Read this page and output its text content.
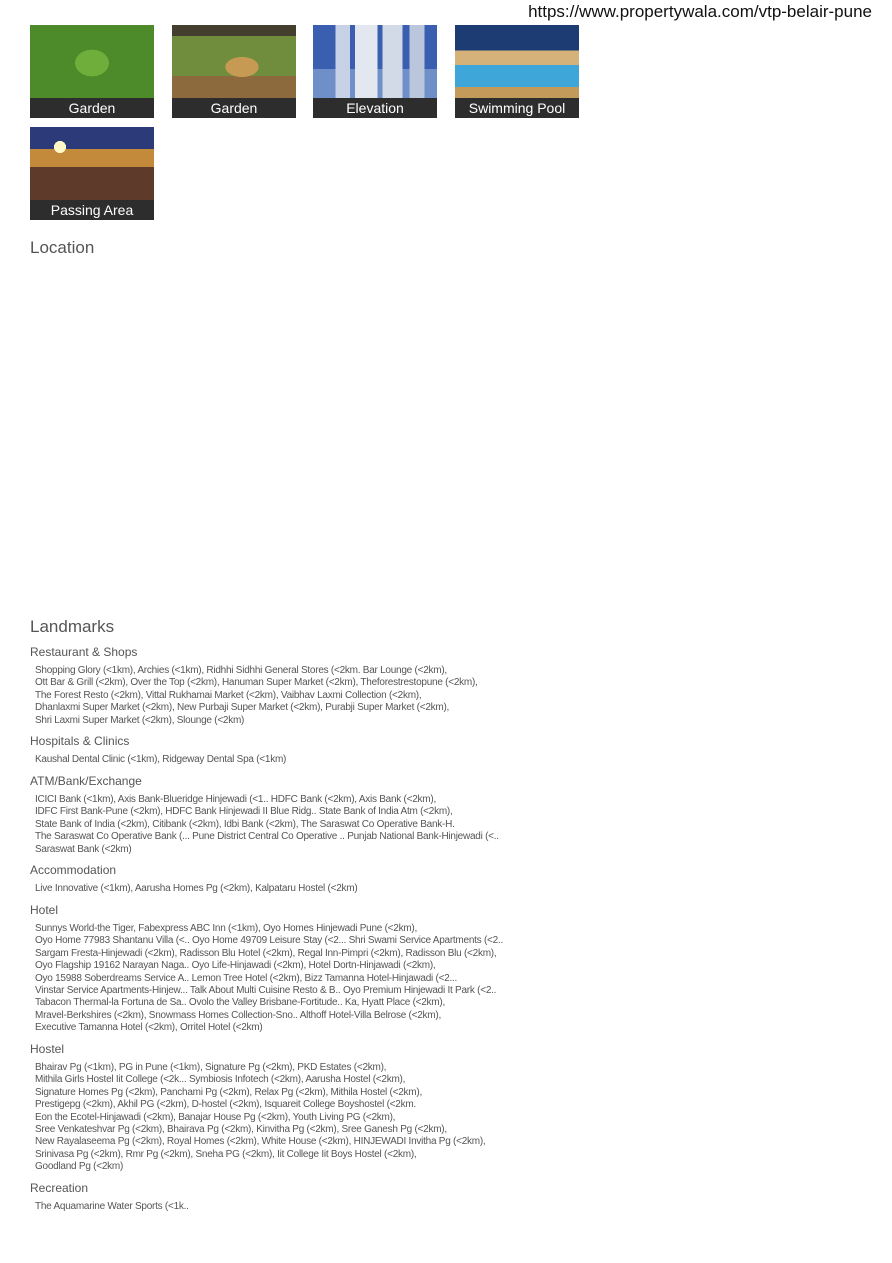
https://www.propertywala.com/vtp-belair-pune
Garden	Garden	Elevation	Swimming Pool
Passing Area
Location
Landmarks
Restaurant & Shops
Shopping Glory (<1km), Archies (<1km), Ridhhi Sidhhi General Stores (<2km. Bar Lounge (<2km),
Ott Bar & Grill (<2km), Over the Top (<2km), Hanuman Super Market (<2km), Theforestrestopune (<2km),
The Forest Resto (<2km), Vittal Rukhamai Market (<2km), Vaibhav Laxmi Collection (<2km),
Dhanlaxmi Super Market (<2km), New Purbaji Super Market (<2km), Purabji Super Market (<2km),
Shri Laxmi Super Market (<2km), Slounge (<2km)
Hospitals & Clinics
Kaushal Dental Clinic (<1km), Ridgeway Dental Spa (<1km)
ATM/Bank/Exchange
ICICI Bank (<1km), Axis Bank-Blueridge Hinjewadi (<1.. HDFC Bank (<2km), Axis Bank (<2km),
IDFC First Bank-Pune (<2km), HDFC Bank Hinjewadi II Blue Ridg.. State Bank of India Atm (<2km),
State Bank of India (<2km), Citibank (<2km), Idbi Bank (<2km), The Saraswat Co Operative Bank-H.
The Saraswat Co Operative Bank (... Pune District Central Co Operative .. Punjab National Bank-Hinjewadi (<..
Saraswat Bank (<2km)
Accommodation
Live Innovative (<1km), Aarusha Homes Pg (<2km), Kalpataru Hostel (<2km)
Hotel
Sunnys World-the Tiger, Fabexpress ABC Inn (<1km), Oyo Homes Hinjewadi Pune (<2km),
Oyo Home 77983 Shantanu Villa (<.. Oyo Home 49709 Leisure Stay (<2... Shri Swami Service Apartments (<2..
Sargam Fresta-Hinjewadi (<2km), Radisson Blu Hotel (<2km), Regal Inn-Pimpri (<2km), Radisson Blu (<2km),
Oyo Flagship 19162 Narayan Naga.. Oyo Life-Hinjawadi (<2km), Hotel Dortn-Hinjawadi (<2km),
Oyo 15988 Soberdreams Service A.. Lemon Tree Hotel (<2km), Bizz Tamanna Hotel-Hinjawadi (<2...
Vinstar Service Apartments-Hinjew... Talk About Multi Cuisine Resto & B.. Oyo Premium Hinjewadi It Park (<2..
Tabacon Thermal-la Fortuna de Sa.. Ovolo the Valley Brisbane-Fortitude.. Ka, Hyatt Place (<2km),
Mravel-Berkshires (<2km), Snowmass Homes Collection-Sno.. Althoff Hotel-Villa Belrose (<2km),
Executive Tamanna Hotel (<2km), Orritel Hotel (<2km)
Hostel
Bhairav Pg (<1km), PG in Pune (<1km), Signature Pg (<2km), PKD Estates (<2km),
Mithila Girls Hostel Iit College (<2k... Symbiosis Infotech (<2km), Aarusha Hostel (<2km),
Signature Homes Pg (<2km), Panchami Pg (<2km), Relax Pg (<2km), Mithila Hostel (<2km),
Prestigepg (<2km), Akhil PG (<2km), D-hostel (<2km), Isquareit College Boyshostel (<2km.
Eon the Ecotel-Hinjawadi (<2km), Banajar House Pg (<2km), Youth Living PG (<2km),
Sree Venkateshvar Pg (<2km), Bhairava Pg (<2km), Kinvitha Pg (<2km), Sree Ganesh Pg (<2km),
New Rayalaseema Pg (<2km), Royal Homes (<2km), White House (<2km), HINJEWADI Invitha Pg (<2km),
Srinivasa Pg (<2km), Rmr Pg (<2km), Sneha PG (<2km), Iit College Iit Boys Hostel (<2km),
Goodland Pg (<2km)
Recreation
The Aquamarine Water Sports (<1k..
